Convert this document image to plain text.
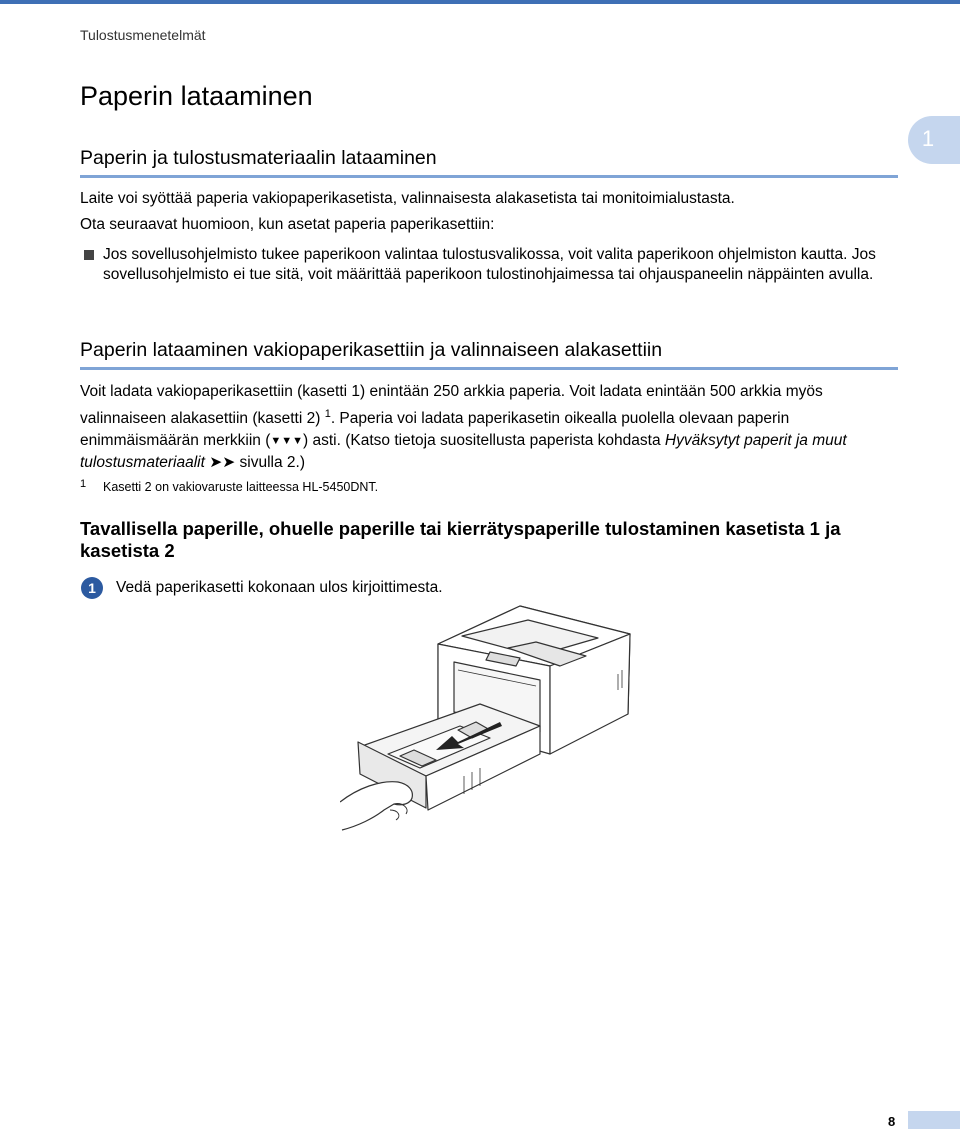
Tulostusmenetelmät
1
Paperin lataaminen
Paperin ja tulostusmateriaalin lataaminen

Laite voi syöttää paperia vakiopaperikasetista, valinnaisesta alakasetista tai monitoimialustasta.

Ota seuraavat huomioon, kun asetat paperia paperikasettiin:

Jos sovellusohjelmisto tukee paperikoon valintaa tulostusvalikossa, voit valita paperikoon ohjelmiston kautta. Jos sovellusohjelmisto ei tue sitä, voit määrittää paperikoon tulostinohjaimessa tai ohjauspaneelin näppäinten avulla.
Paperin lataaminen vakiopaperikasettiin ja valinnaiseen alakasettiin

Voit ladata vakiopaperikasettiin (kasetti 1) enintään 250 arkkia paperia. Voit ladata enintään 500 arkkia myös valinnaiseen alakasettiin (kasetti 2) $^1$. Paperia voi ladata paperikasetin oikealla puolella olevaan paperin enimmäismäärän merkkiin (▼▼▼) asti. (Katso tietoja suositellusta paperista kohdasta Hyväksytyt paperit ja muut tulostusmateriaalit ➤➤ sivulla 2.)

1 Kasetti 2 on vakiovaruste laitteessa HL-5450DNT.
Tavallisella paperille, ohuelle paperille tai kierrätyspaperille tulostaminen kasetista 1 ja kasetista 2
1	Vedä paperikasetti kokonaan ulos kirjoittimesta.
8
